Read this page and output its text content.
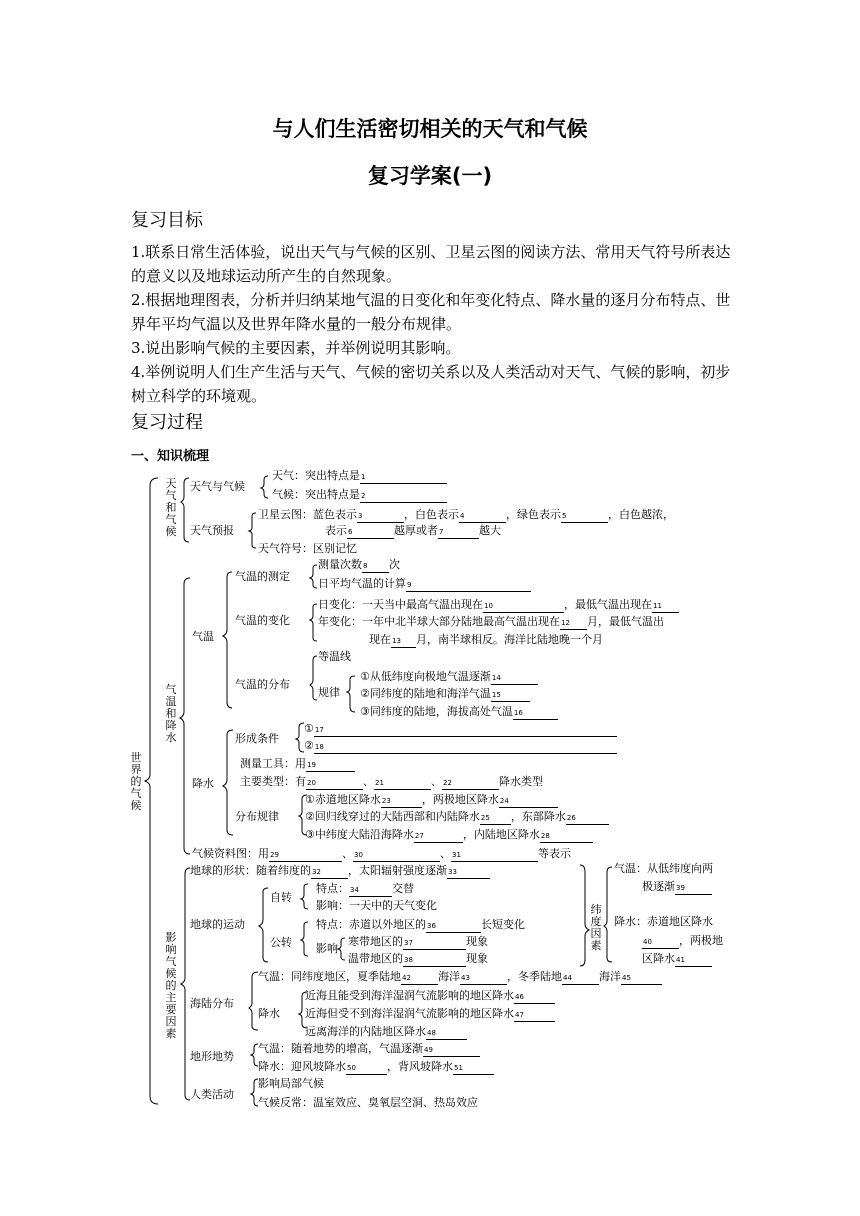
与人们生活密切相关的天气和气候
复习学案(一)
复习目标
1.联系日常生活体验，说出天气与气候的区别、卫星云图的阅读方法、常用天气符号所表达的意义以及地球运动所产生的自然现象。
2.根据地理图表，分析并归纳某地气温的日变化和年变化特点、降水量的逐月分布特点、世界年平均气温以及世界年降水量的一般分布规律。
3.说出影响气候的主要因素，并举例说明其影响。
4.举例说明人们生产生活与天气、气候的密切关系以及人类活动对天气、气候的影响，初步树立科学的环境观。
复习过程
一、知识梳理
世界的气候
天气和气候
气温和降水
影响气候的主要因素
纬度因素
天气与气候
天气：突出特点是1
气候：突出特点是2
天气预报
卫星云图：蓝色表示3	，白色表示4	，绿色表示5	，白色越浓，
表示6	越厚或者7	越大
天气符号：区别记忆
气温
气温的测定
测量次数8 次
日平均气温的计算9
气温的变化
日变化：一天当中最高气温出现在10	，最低气温出现在11
年变化：一年中北半球大部分陆地最高气温出现在12 月，最低气温出
现在13 月，南半球相反。海洋比陆地晚一个月
气温的分布
等温线
规律
①从低纬度向极地气温逐渐14
②同纬度的陆地和海洋气温15
③同纬度的陆地，海拔高处气温16
降水
形成条件
①17
②18
测量工具：用19
主要类型：有20	、21	、22	降水类型
分布规律
①赤道地区降水23	，两极地区降水24
②回归线穿过的大陆西部和内陆降水25 ，东部降水26
③中纬度大陆沿海降水27	，内陆地区降水28
气候资料图：用29	、30	、31	等表示
地球的形状：随着纬度的32 ，太阳辐射强度逐渐33
地球的运动
自转
特点：34	交替
影响：一天中的天气变化
公转
特点：赤道以外地区的36	长短变化
影响
寒带地区的37	现象
温带地区的38	现象
气温：从低纬度向两
极逐渐39
降水：赤道地区降水
40 ，两极地
区降水41
海陆分布
气温：同纬度地区，夏季陆地42 海洋43	，冬季陆地44 海洋45
降水
近海且能受到海洋湿润气流影响的地区降水46
近海但受不到海洋湿润气流影响的地区降水47
远离海洋的内陆地区降水48
地形地势
气温：随着地势的增高，气温逐渐49
降水：迎风坡降水50	，背风坡降水51
人类活动
影响局部气候
气候反常：温室效应、臭氧层空洞、热岛效应
